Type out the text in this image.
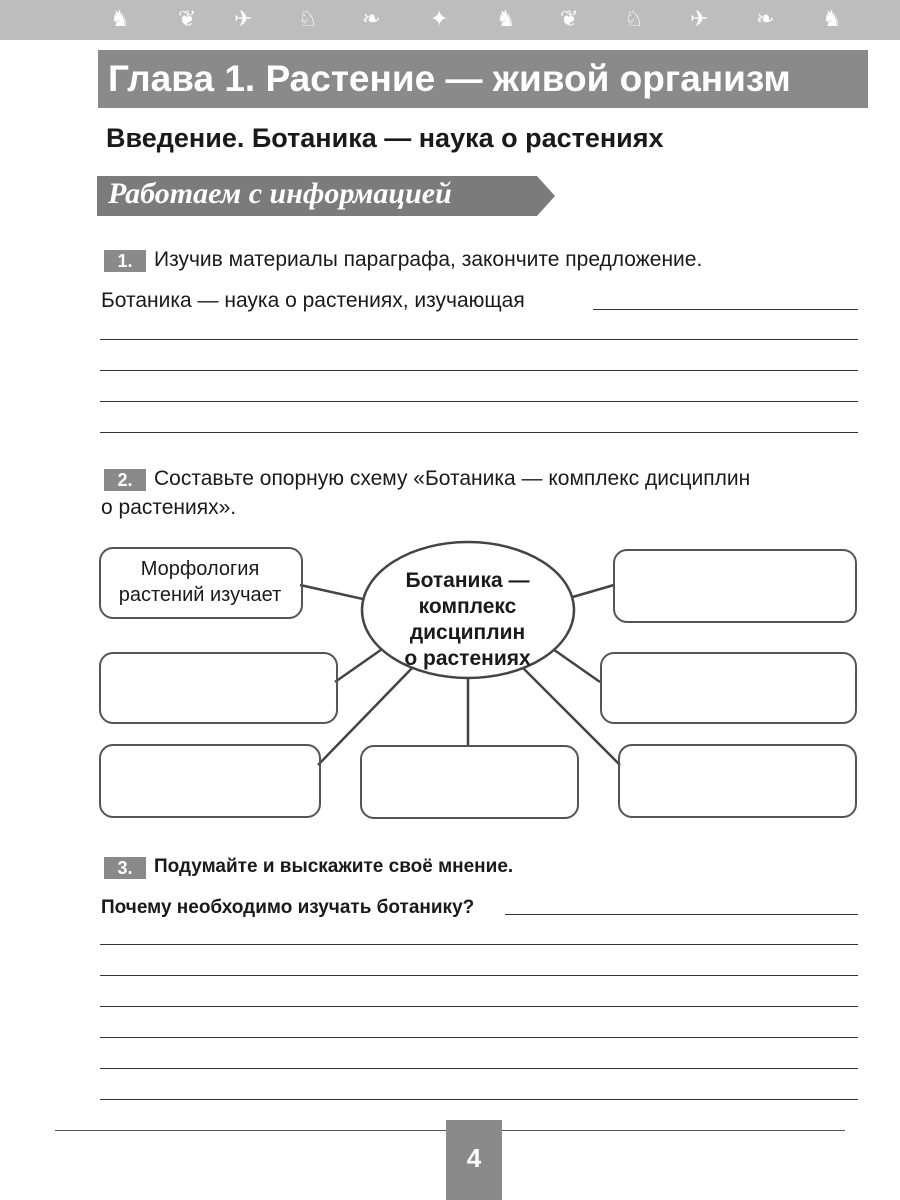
♞ ❦ ✈ ♘ ❧ ✦ ♞ ❦ ♘ ✈ ❧ ♞
Глава 1. Растение — живой организм
Введение. Ботаника — наука о растениях
Работаем с информацией
1.	Изучив материалы параграфа, закончите предложение.
Ботаника — наука о растениях, изучающая
2.	Составьте опорную схему «Ботаника — комплекс дисциплин
о растениях».
Морфология
растений изучает
Ботаника —
комплекс
дисциплин
о растениях
3.	Подумайте и выскажите своё мнение.
Почему необходимо изучать ботанику?
4
